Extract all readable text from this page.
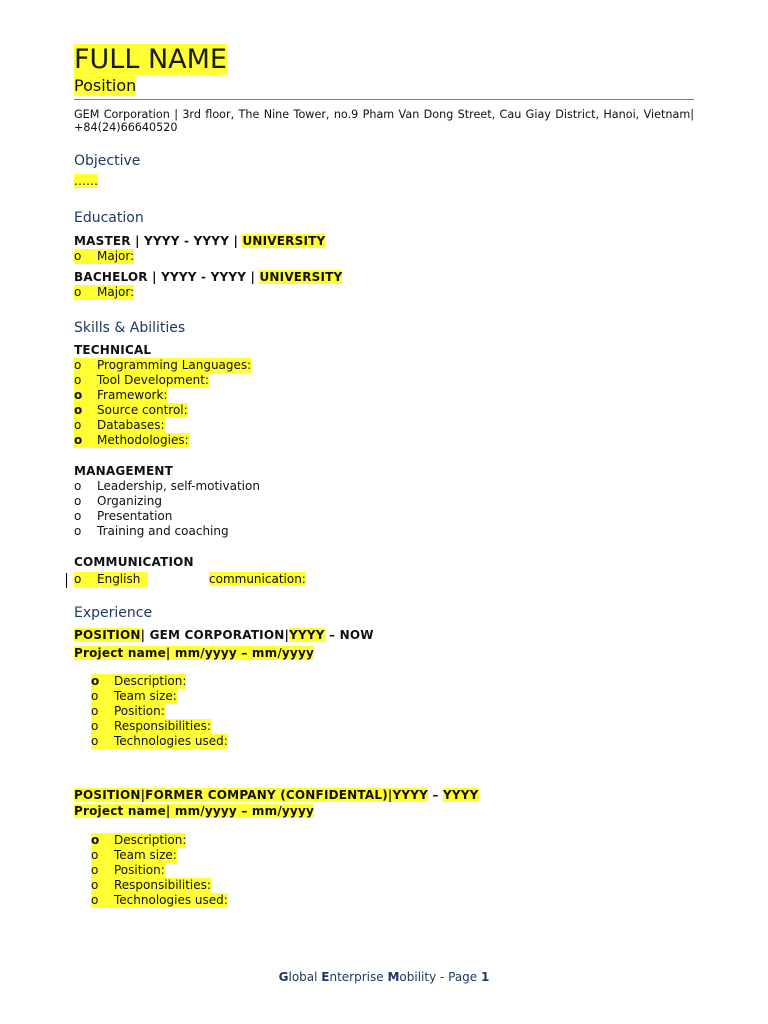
FULL NAME
Position
GEM Corporation | 3rd floor, The Nine Tower, no.9 Pham Van Dong Street, Cau Giay District, Hanoi, Vietnam| +84(24)66640520
Objective
……
Education
MASTER | YYYY - YYYY | UNIVERSITY
o Major:
BACHELOR | YYYY - YYYY | UNIVERSITY
o Major:
Skills & Abilities
TECHNICAL
o Programming Languages:
o Tool Development:
o Framework:
o Source control:
o Databases:
o Methodologies:
MANAGEMENT
o Leadership, self-motivation
o Organizing
o Presentation
o Training and coaching
COMMUNICATION
o English	communication:
Experience
POSITION| GEM CORPORATION|YYYY – NOW
Project name| mm/yyyy – mm/yyyy
o Description:
o Team size:
o Position:
o Responsibilities:
o Technologies used:
POSITION|FORMER COMPANY (CONFIDENTAL)|YYYY – YYYY
Project name| mm/yyyy – mm/yyyy
o Description:
o Team size:
o Position:
o Responsibilities:
o Technologies used:
Global Enterprise Mobility - Page 1
